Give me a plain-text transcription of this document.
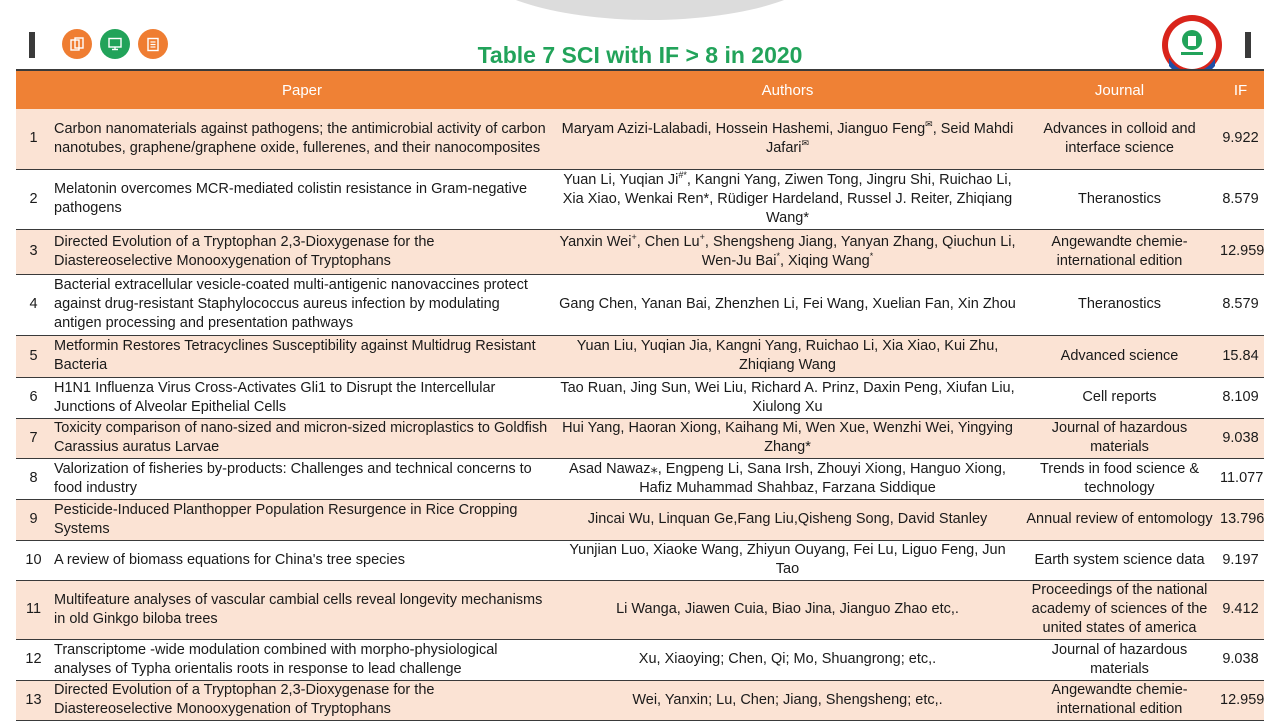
Table 7 SCI with IF > 8 in 2020
	Paper	Authors	Journal	IF
1	Carbon nanomaterials against pathogens; the antimicrobial activity of carbon nanotubes, graphene/graphene oxide, fullerenes, and their nanocomposites	Maryam Azizi-Lalabadi, Hossein Hashemi, Jianguo Feng✉, Seid Mahdi Jafari✉	Advances in colloid and interface science	9.922
2	Melatonin overcomes MCR-mediated colistin resistance in Gram-negative pathogens	Yuan Li, Yuqian Ji#*, Kangni Yang, Ziwen Tong, Jingru Shi, Ruichao Li, Xia Xiao, Wenkai Ren*, Rüdiger Hardeland, Russel J. Reiter, Zhiqiang Wang*	Theranostics	8.579
3	Directed Evolution of a Tryptophan 2,3-Dioxygenase for the Diastereoselective Monooxygenation of Tryptophans	Yanxin Wei+, Chen Lu+, Shengsheng Jiang, Yanyan Zhang, Qiuchun Li, Wen-Ju Bai*, Xiqing Wang*	Angewandte chemie-international edition	12.959
4	Bacterial extracellular vesicle-coated multi-antigenic nanovaccines protect against drug-resistant Staphylococcus aureus infection by modulating antigen processing and presentation pathways	Gang Chen, Yanan Bai, Zhenzhen Li, Fei Wang, Xuelian Fan, Xin Zhou	Theranostics	8.579
5	Metformin Restores Tetracyclines Susceptibility against Multidrug Resistant Bacteria	Yuan Liu, Yuqian Jia, Kangni Yang, Ruichao Li, Xia Xiao, Kui Zhu, Zhiqiang Wang	Advanced science	15.84
6	H1N1 Influenza Virus Cross-Activates Gli1 to Disrupt the Intercellular Junctions of Alveolar Epithelial Cells	Tao Ruan, Jing Sun, Wei Liu, Richard A. Prinz, Daxin Peng, Xiufan Liu, Xiulong Xu	Cell reports	8.109
7	Toxicity comparison of nano-sized and micron-sized microplastics to Goldfish Carassius auratus Larvae	Hui Yang, Haoran Xiong, Kaihang Mi, Wen Xue, Wenzhi Wei, Yingying Zhang*	Journal of hazardous materials	9.038
8	Valorization of fisheries by-products: Challenges and technical concerns to food industry	Asad Nawaz⁎, Engpeng Li, Sana Irsh, Zhouyi Xiong, Hanguo Xiong, Hafiz Muhammad Shahbaz, Farzana Siddique	Trends in food science & technology	11.077
9	Pesticide-Induced Planthopper Population Resurgence in Rice Cropping Systems	Jincai Wu, Linquan Ge,Fang Liu,Qisheng Song, David Stanley	Annual review of entomology	13.796
10	A review of biomass equations for China's tree species	Yunjian Luo, Xiaoke Wang, Zhiyun Ouyang, Fei Lu, Liguo Feng, Jun Tao	Earth system science data	9.197
11	Multifeature analyses of vascular cambial cells reveal longevity mechanisms in old Ginkgo biloba trees	Li Wanga, Jiawen Cuia, Biao Jina, Jianguo Zhao etc,.	Proceedings of the national academy of sciences of the united states of america	9.412
12	Transcriptome -wide modulation combined with morpho-physiological analyses of Typha orientalis roots in response to lead challenge	Xu, Xiaoying; Chen, Qi; Mo, Shuangrong; etc,.	Journal of hazardous materials	9.038
13	Directed Evolution of a Tryptophan 2,3-Dioxygenase for the Diastereoselective Monooxygenation of Tryptophans	Wei, Yanxin; Lu, Chen; Jiang, Shengsheng; etc,.	Angewandte chemie-international edition	12.959
